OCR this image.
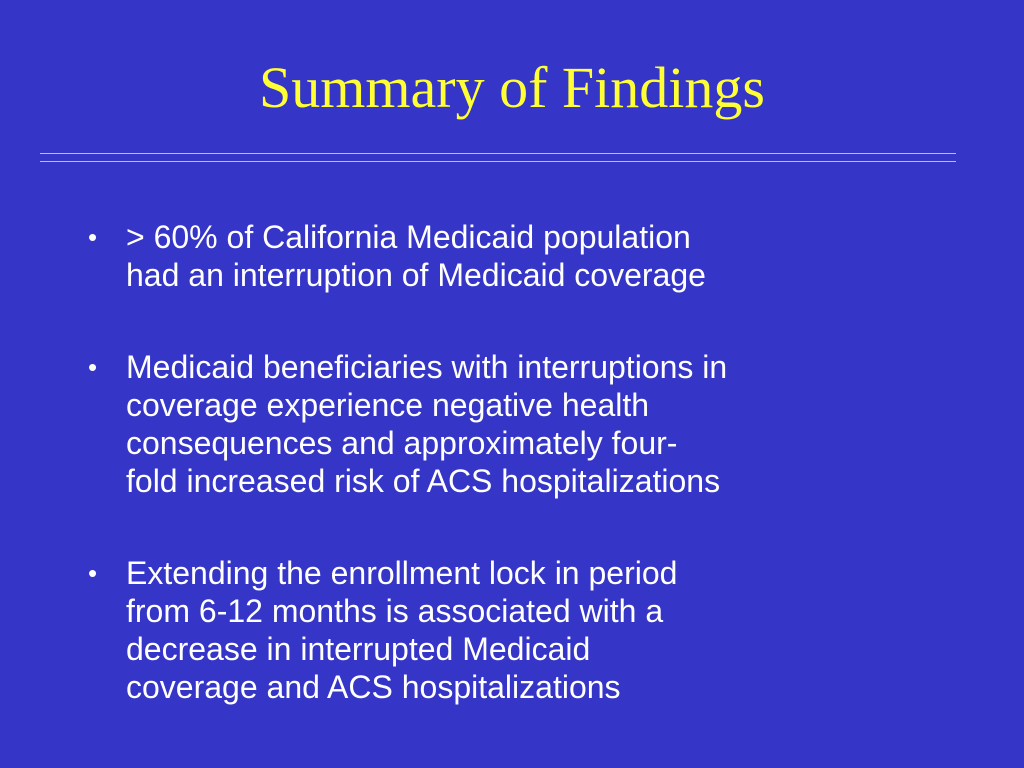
Summary of Findings
• > 60% of California Medicaid population
had an interruption of Medicaid coverage
• Medicaid beneficiaries with interruptions in
coverage experience negative health
consequences and approximately four-
fold increased risk of ACS hospitalizations
• Extending the enrollment lock in period
from 6-12 months is associated with a
decrease in interrupted Medicaid
coverage and ACS hospitalizations
